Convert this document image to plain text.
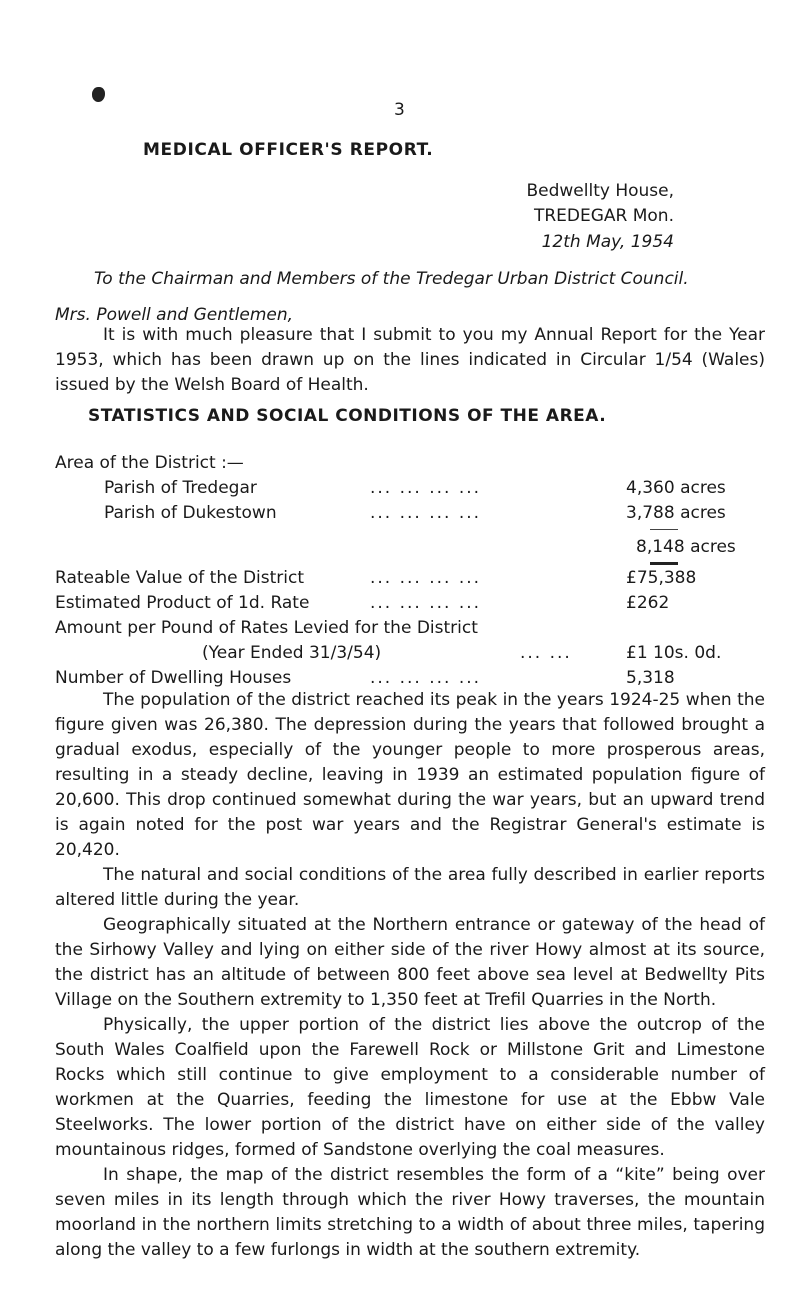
3
MEDICAL OFFICER'S REPORT.
Bedwellty House,
TREDEGAR Mon.
12th May, 1954
To the Chairman and Members of the Tredegar Urban District Council.
Mrs. Powell and Gentlemen,

It is with much pleasure that I submit to you my Annual Report for the Year 1953, which has been drawn up on the lines indicated in Circular 1/54 (Wales) issued by the Welsh Board of Health.

STATISTICS AND SOCIAL CONDITIONS OF THE AREA.
Area of the District :—
Parish of Tredegar	... ... ... ...	4,360 acres
Parish of Dukestown	... ... ... ...	3,788 acres
8,148 acres
Rateable Value of the District	... ... ... ...	£75,388
Estimated Product of 1d. Rate	... ... ... ...	£262
Amount per Pound of Rates Levied for the District
(Year Ended 31/3/54)	... ...	£1 10s. 0d.
Number of Dwelling Houses	... ... ... ...	5,318

The population of the district reached its peak in the years 1924-25 when the figure given was 26,380. The depression during the years that followed brought a gradual exodus, especially of the younger people to more prosperous areas, resulting in a steady decline, leaving in 1939 an estimated population figure of 20,600. This drop continued somewhat during the war years, but an upward trend is again noted for the post war years and the Registrar General's estimate is 20,420.

The natural and social conditions of the area fully described in earlier reports altered little during the year.

Geographically situated at the Northern entrance or gateway of the head of the Sirhowy Valley and lying on either side of the river Howy almost at its source, the district has an altitude of between 800 feet above sea level at Bedwellty Pits Village on the Southern extremity to 1,350 feet at Trefil Quarries in the North.

Physically, the upper portion of the district lies above the outcrop of the South Wales Coalfield upon the Farewell Rock or Millstone Grit and Limestone Rocks which still continue to give employment to a considerable number of workmen at the Quarries, feeding the limestone for use at the Ebbw Vale Steelworks. The lower portion of the district have on either side of the valley mountainous ridges, formed of Sandstone overlying the coal measures.

In shape, the map of the district resembles the form of a “kite” being over seven miles in its length through which the river Howy traverses, the mountain moorland in the northern limits stretching to a width of about three miles, tapering along the valley to a few furlongs in width at the southern extremity.
